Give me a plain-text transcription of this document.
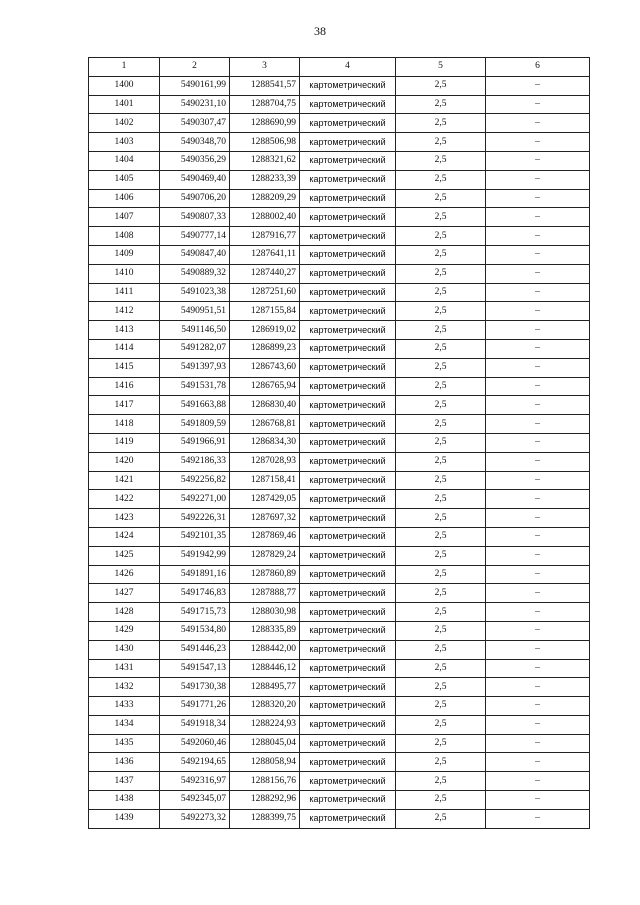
38
1	2	3	4	5	6
1400	5490161,99	1288541,57	картометрический	2,5	–
1401	5490231,10	1288704,75	картометрический	2,5	–
1402	5490307,47	1288690,99	картометрический	2,5	–
1403	5490348,70	1288506,98	картометрический	2,5	–
1404	5490356,29	1288321,62	картометрический	2,5	–
1405	5490469,40	1288233,39	картометрический	2,5	–
1406	5490706,20	1288209,29	картометрический	2,5	–
1407	5490807,33	1288002,40	картометрический	2,5	–
1408	5490777,14	1287916,77	картометрический	2,5	–
1409	5490847,40	1287641,11	картометрический	2,5	–
1410	5490889,32	1287440,27	картометрический	2,5	–
1411	5491023,38	1287251,60	картометрический	2,5	–
1412	5490951,51	1287155,84	картометрический	2,5	–
1413	5491146,50	1286919,02	картометрический	2,5	–
1414	5491282,07	1286899,23	картометрический	2,5	–
1415	5491397,93	1286743,60	картометрический	2,5	–
1416	5491531,78	1286765,94	картометрический	2,5	–
1417	5491663,88	1286830,40	картометрический	2,5	–
1418	5491809,59	1286768,81	картометрический	2,5	–
1419	5491966,91	1286834,30	картометрический	2,5	–
1420	5492186,33	1287028,93	картометрический	2,5	–
1421	5492256,82	1287158,41	картометрический	2,5	–
1422	5492271,00	1287429,05	картометрический	2,5	–
1423	5492226,31	1287697,32	картометрический	2,5	–
1424	5492101,35	1287869,46	картометрический	2,5	–
1425	5491942,99	1287829,24	картометрический	2,5	–
1426	5491891,16	1287860,89	картометрический	2,5	–
1427	5491746,83	1287888,77	картометрический	2,5	–
1428	5491715,73	1288030,98	картометрический	2,5	–
1429	5491534,80	1288335,89	картометрический	2,5	–
1430	5491446,23	1288442,00	картометрический	2,5	–
1431	5491547,13	1288446,12	картометрический	2,5	–
1432	5491730,38	1288495,77	картометрический	2,5	–
1433	5491771,26	1288320,20	картометрический	2,5	–
1434	5491918,34	1288224,93	картометрический	2,5	–
1435	5492060,46	1288045,04	картометрический	2,5	–
1436	5492194,65	1288058,94	картометрический	2,5	–
1437	5492316,97	1288156,76	картометрический	2,5	–
1438	5492345,07	1288292,96	картометрический	2,5	–
1439	5492273,32	1288399,75	картометрический	2,5	–
